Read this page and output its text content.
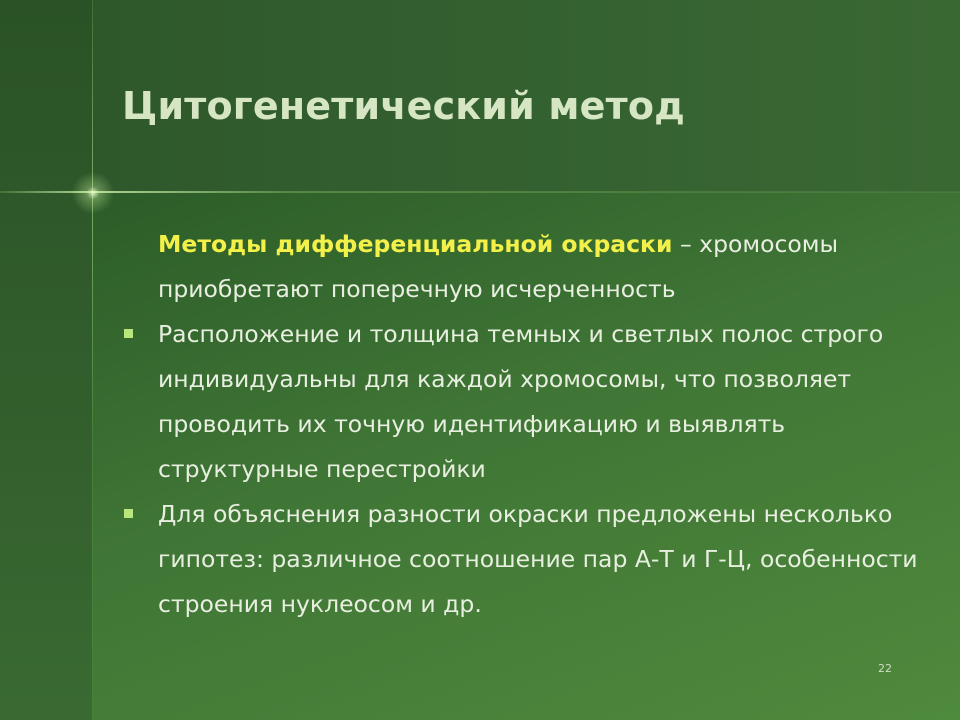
Цитогенетический метод

Методы дифференциальной окраски – хромосомы приобретают поперечную исчерченность

Расположение и толщина темных и светлых полос строго индивидуальны для каждой хромосомы, что позволяет проводить их точную идентификацию и выявлять структурные перестройки

Для объяснения разности окраски предложены несколько гипотез: различное соотношение пар А-Т и Г-Ц, особенности строения нуклеосом и др.

22
